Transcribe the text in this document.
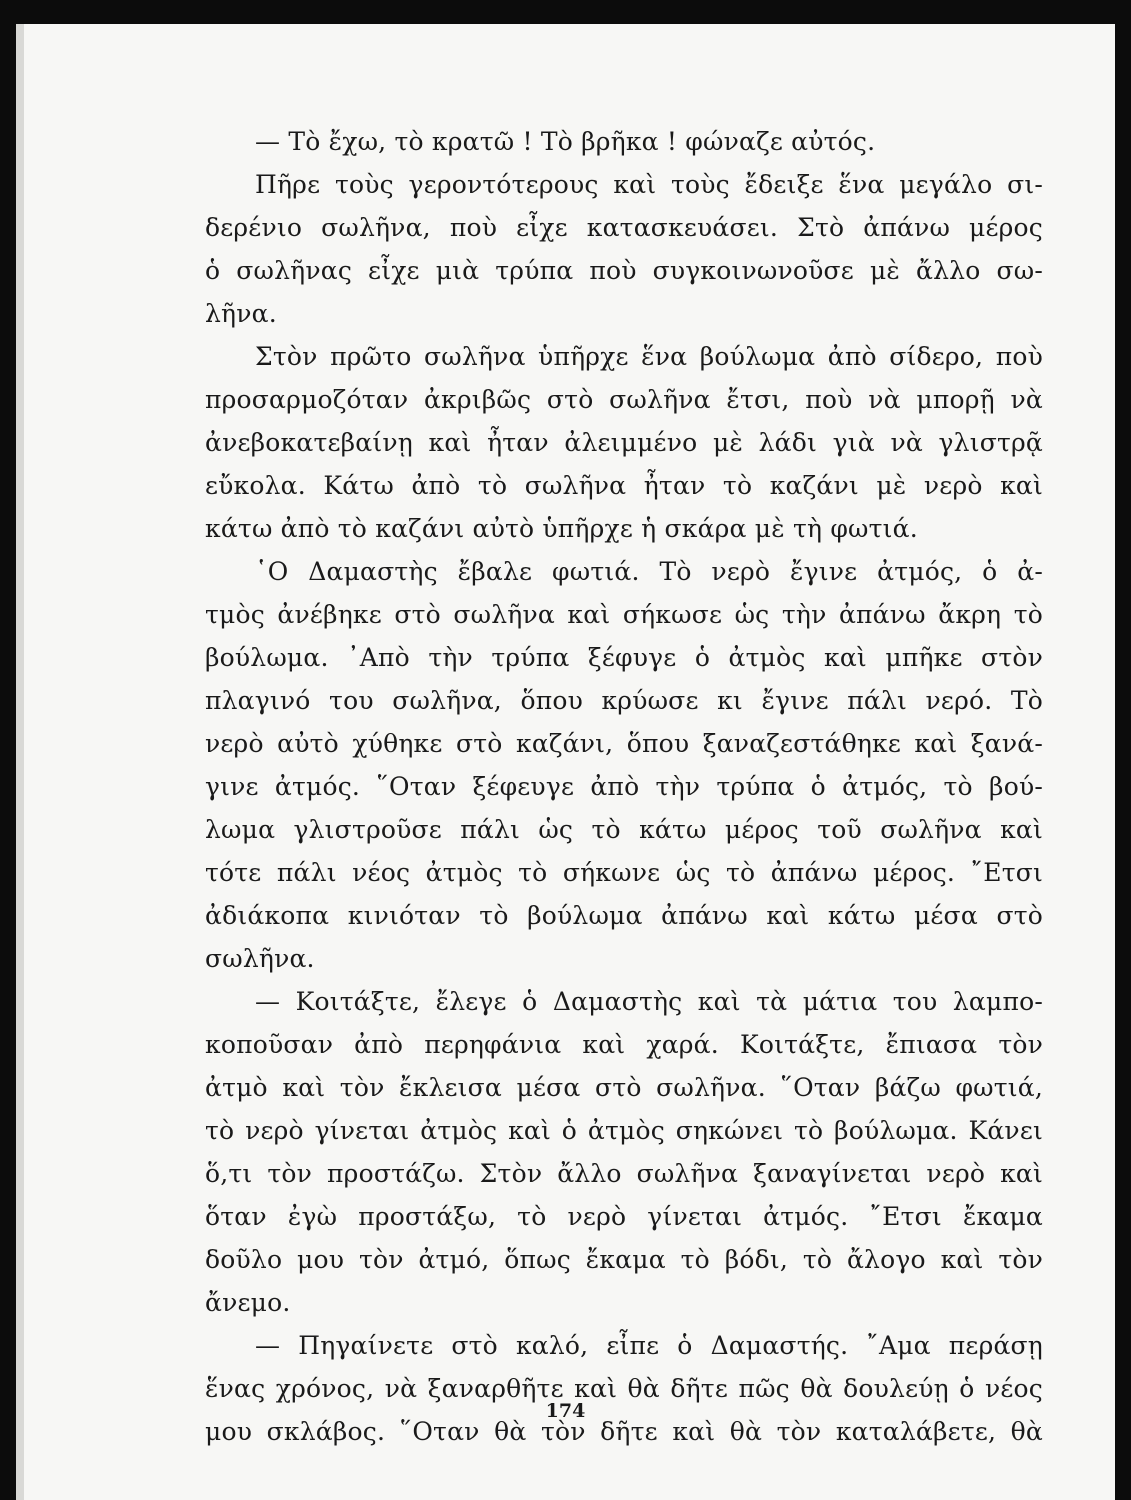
— Τὸ ἔχω, τὸ κρατῶ ! Τὸ βρῆκα ! φώναζε αὐτός.
Πῆρε τοὺς γεροντότερους καὶ τοὺς ἔδειξε ἕνα μεγάλο σι-
δερένιο σωλῆνα, ποὺ εἶχε κατασκευάσει. Στὸ ἀπάνω μέρος
ὁ σωλῆνας εἶχε μιὰ τρύπα ποὺ συγκοινωνοῦσε μὲ ἄλλο σω-
λῆνα.
Στὸν πρῶτο σωλῆνα ὑπῆρχε ἕνα βούλωμα ἀπὸ σίδερο, ποὺ
προσαρμοζόταν ἀκριβῶς στὸ σωλῆνα ἔτσι, ποὺ νὰ μπορῇ νὰ
ἀνεβοκατεβαίνῃ καὶ ἦταν ἀλειμμένο μὲ λάδι γιὰ νὰ γλιστρᾷ
εὔκολα. Κάτω ἀπὸ τὸ σωλῆνα ἦταν τὸ καζάνι μὲ νερὸ καὶ
κάτω ἀπὸ τὸ καζάνι αὐτὸ ὑπῆρχε ἡ σκάρα μὲ τὴ φωτιά.
῾Ο Δαμαστὴς ἔβαλε φωτιά. Τὸ νερὸ ἔγινε ἀτμός, ὁ ἀ-
τμὸς ἀνέβηκε στὸ σωλῆνα καὶ σήκωσε ὡς τὴν ἀπάνω ἄκρη τὸ
βούλωμα. ᾿Απὸ τὴν τρύπα ξέφυγε ὁ ἀτμὸς καὶ μπῆκε στὸν
πλαγινό του σωλῆνα, ὅπου κρύωσε κι ἔγινε πάλι νερό. Τὸ
νερὸ αὐτὸ χύθηκε στὸ καζάνι, ὅπου ξαναζεστάθηκε καὶ ξανά-
γινε ἀτμός. ῞Οταν ξέφευγε ἀπὸ τὴν τρύπα ὁ ἀτμός, τὸ βού-
λωμα γλιστροῦσε πάλι ὡς τὸ κάτω μέρος τοῦ σωλῆνα καὶ
τότε πάλι νέος ἀτμὸς τὸ σήκωνε ὡς τὸ ἀπάνω μέρος. ῎Ετσι
ἀδιάκοπα κινιόταν τὸ βούλωμα ἀπάνω καὶ κάτω μέσα στὸ
σωλῆνα.
— Κοιτάξτε, ἔλεγε ὁ Δαμαστὴς καὶ τὰ μάτια του λαμπο-
κοποῦσαν ἀπὸ περηφάνια καὶ χαρά. Κοιτάξτε, ἔπιασα τὸν
ἀτμὸ καὶ τὸν ἔκλεισα μέσα στὸ σωλῆνα. ῞Οταν βάζω φωτιά,
τὸ νερὸ γίνεται ἀτμὸς καὶ ὁ ἀτμὸς σηκώνει τὸ βούλωμα. Κάνει
ὅ,τι τὸν προστάζω. Στὸν ἄλλο σωλῆνα ξαναγίνεται νερὸ καὶ
ὅταν ἐγὼ προστάξω, τὸ νερὸ γίνεται ἀτμός. ῎Ετσι ἔκαμα
δοῦλο μου τὸν ἀτμό, ὅπως ἔκαμα τὸ βόδι, τὸ ἄλογο καὶ τὸν
ἄνεμο.
— Πηγαίνετε στὸ καλό, εἶπε ὁ Δαμαστής. ῎Αμα περάσῃ
ἕνας χρόνος, νὰ ξαναρθῆτε καὶ θὰ δῆτε πῶς θὰ δουλεύῃ ὁ νέος
μου σκλάβος. ῞Οταν θὰ τὸν δῆτε καὶ θὰ τὸν καταλάβετε, θὰ
174
